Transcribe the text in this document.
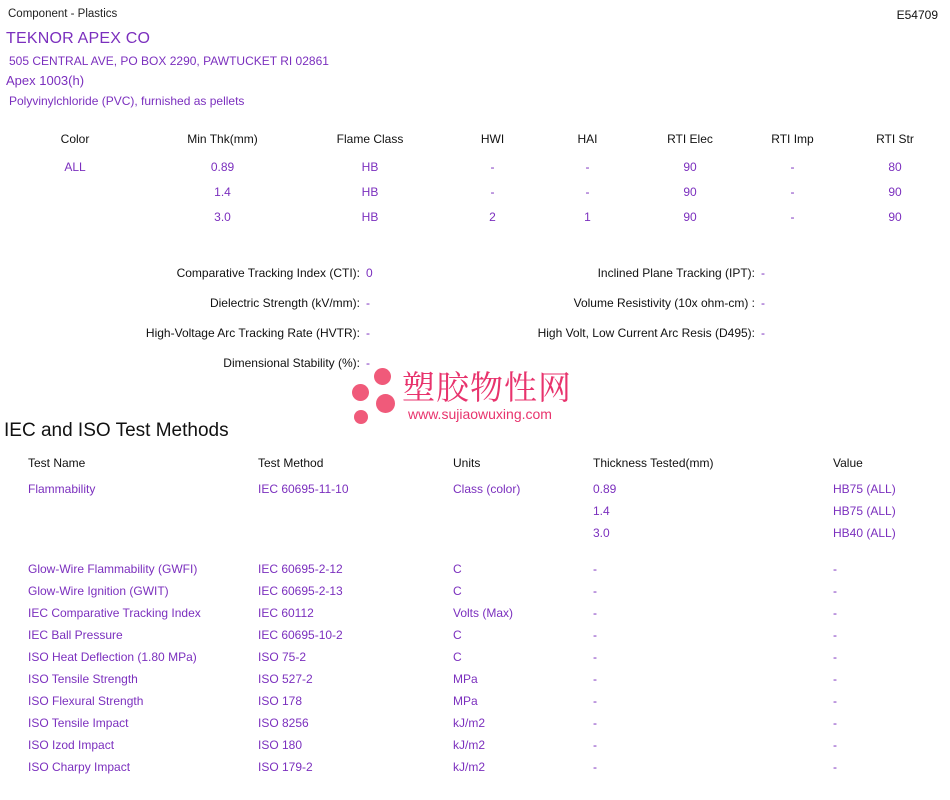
Component - Plastics	E54709
TEKNOR APEX CO
505 CENTRAL AVE, PO BOX 2290, PAWTUCKET RI 02861
Apex 1003(h)
Polyvinylchloride (PVC), furnished as pellets
Color	Min Thk(mm)	Flame Class	HWI	HAI	RTI Elec	RTI Imp	RTI Str
ALL	0.89	HB	-	-	90	-	80
	1.4	HB	-	-	90	-	90
	3.0	HB	2	1	90	-	90
Comparative Tracking Index (CTI): 0	Inclined Plane Tracking (IPT): -
Dielectric Strength (kV/mm): -	Volume Resistivity (10x ohm-cm) : -
High-Voltage Arc Tracking Rate (HVTR): -	High Volt, Low Current Arc Resis (D495): -
Dimensional Stability (%): -
塑胶物性网
www.sujiaowuxing.com
IEC and ISO Test Methods
Test Name	Test Method	Units	Thickness Tested(mm)	Value
Flammability	IEC 60695-11-10	Class (color)	0.89	HB75 (ALL)
			1.4	HB75 (ALL)
			3.0	HB40 (ALL)

Glow-Wire Flammability (GWFI)	IEC 60695-2-12	C	-	-
Glow-Wire Ignition (GWIT)	IEC 60695-2-13	C	-	-
IEC Comparative Tracking Index	IEC 60112	Volts (Max)	-	-
IEC Ball Pressure	IEC 60695-10-2	C	-	-
ISO Heat Deflection (1.80 MPa)	ISO 75-2	C	-	-
ISO Tensile Strength	ISO 527-2	MPa	-	-
ISO Flexural Strength	ISO 178	MPa	-	-
ISO Tensile Impact	ISO 8256	kJ/m2	-	-
ISO Izod Impact	ISO 180	kJ/m2	-	-
ISO Charpy Impact	ISO 179-2	kJ/m2	-	-
